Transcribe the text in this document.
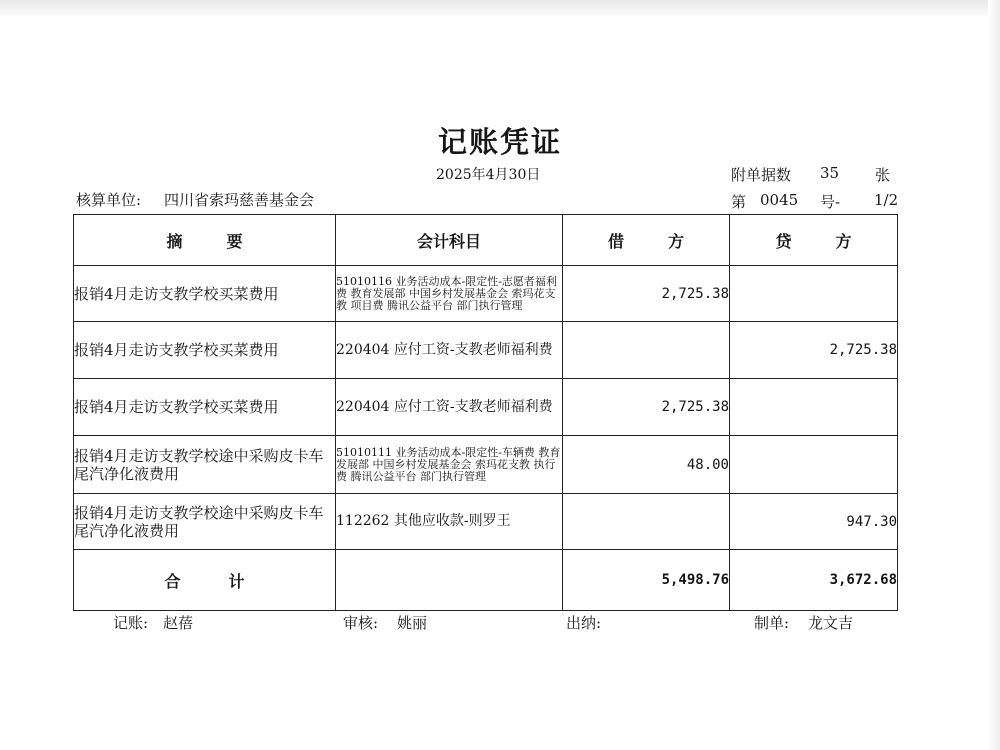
记账凭证
2025年4月30日	附单据数 35 张
核算单位: 四川省索玛慈善基金会	第 0045 号- 1/2
摘　要	会计科目	借　方	贷　方
报销4月走访支教学校买菜费用	51010116 业务活动成本-限定性-志愿者福利费 教育发展部 中国乡村发展基金会 索玛花支教 项目费 腾讯公益平台 部门执行管理	2,725.38	
报销4月走访支教学校买菜费用	220404 应付工资-支教老师福利费		2,725.38
报销4月走访支教学校买菜费用	220404 应付工资-支教老师福利费	2,725.38	
报销4月走访支教学校途中采购皮卡车尾汽净化液费用	51010111 业务活动成本-限定性-车辆费 教育发展部 中国乡村发展基金会 索玛花支教 执行费 腾讯公益平台 部门执行管理	48.00	
报销4月走访支教学校途中采购皮卡车尾汽净化液费用	112262 其他应收款-则罗王		947.30
合　计		5,498.76	3,672.68
记账: 赵蓓	审核: 姚丽	出纳:	制单: 龙文吉
